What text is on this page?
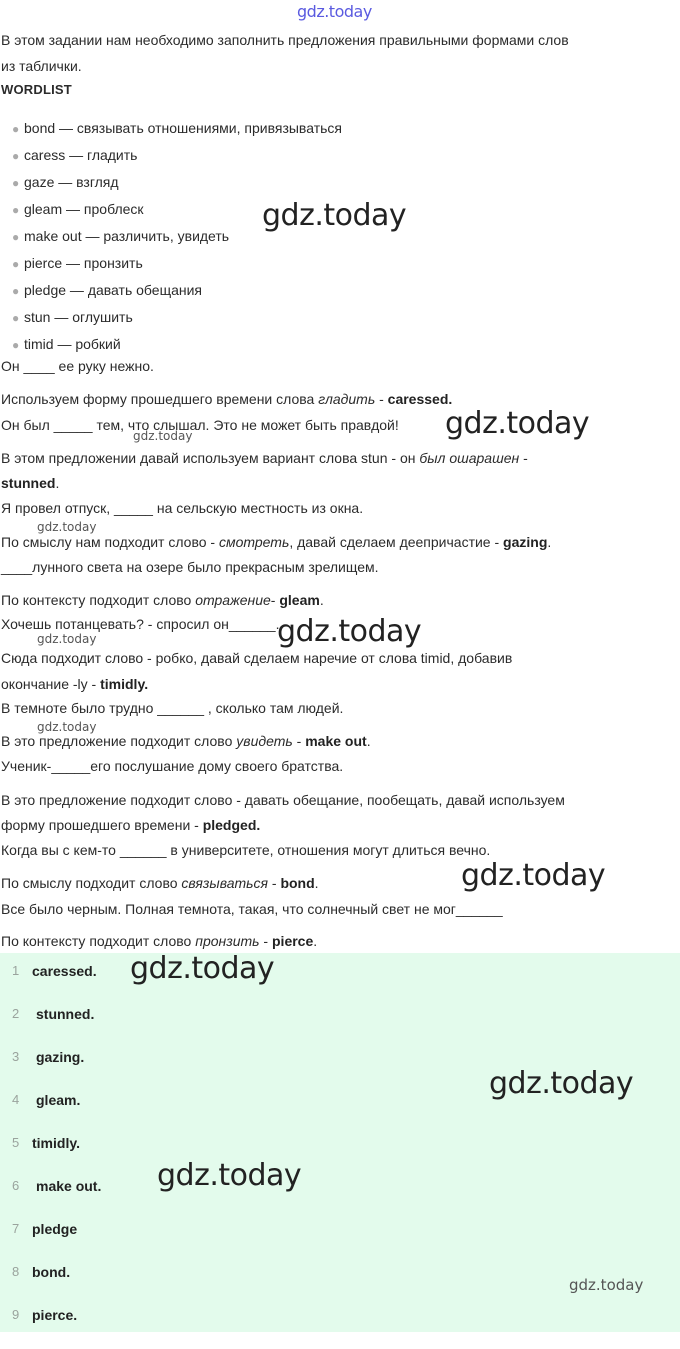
gdz.today
В этом задании нам необходимо заполнить предложения правильными формами слов
из таблички.
WORDLIST
● bond — связывать отношениями, привязываться
● caress — гладить
● gaze — взгляд
● gleam — проблеск
● make out — различить, увидеть
● pierce — пронзить
● pledge — давать обещания
● stun — оглушить
● timid — робкий
Он ____ ее руку нежно.
Используем форму прошедшего времени слова гладить - caressed.
Он был _____ тем, что слышал. Это не может быть правдой!
В этом предложении давай используем вариант слова stun - он был ошарашен -
stunned.
Я провел отпуск, _____ на сельскую местность из окна.
По смыслу нам подходит слово - смотреть, давай сделаем деепричастие - gazing.
____лунного света на озере было прекрасным зрелищем.
По контексту подходит слово отражение- gleam.
Хочешь потанцевать? - спросил он______.
Сюда подходит слово - робко, давай сделаем наречие от слова timid, добавив
окончание -ly - timidly.
В темноте было трудно ______ , сколько там людей.
В это предложение подходит слово увидеть - make out.
Ученик-_____его послушание дому своего братства.
В это предложение подходит слово - давать обещание, пообещать, давай используем
форму прошедшего времени - pledged.
Когда вы с кем-то ______ в университете, отношения могут длиться вечно.
По смыслу подходит слово связываться - bond.
Все было черным. Полная темнота, такая, что солнечный свет не мог______
По контексту подходит слово пронзить - pierce.
1 caressed.
2 stunned.
3 gazing.
4 gleam.
5 timidly.
6 make out.
7 pledge
8 bond.
9 pierce.
gdz.today
gdz.today
gdz.today
gdz.today
gdz.today
gdz.today
gdz.today
gdz.today
gdz.today
gdz.today
gdz.today
gdz.today
